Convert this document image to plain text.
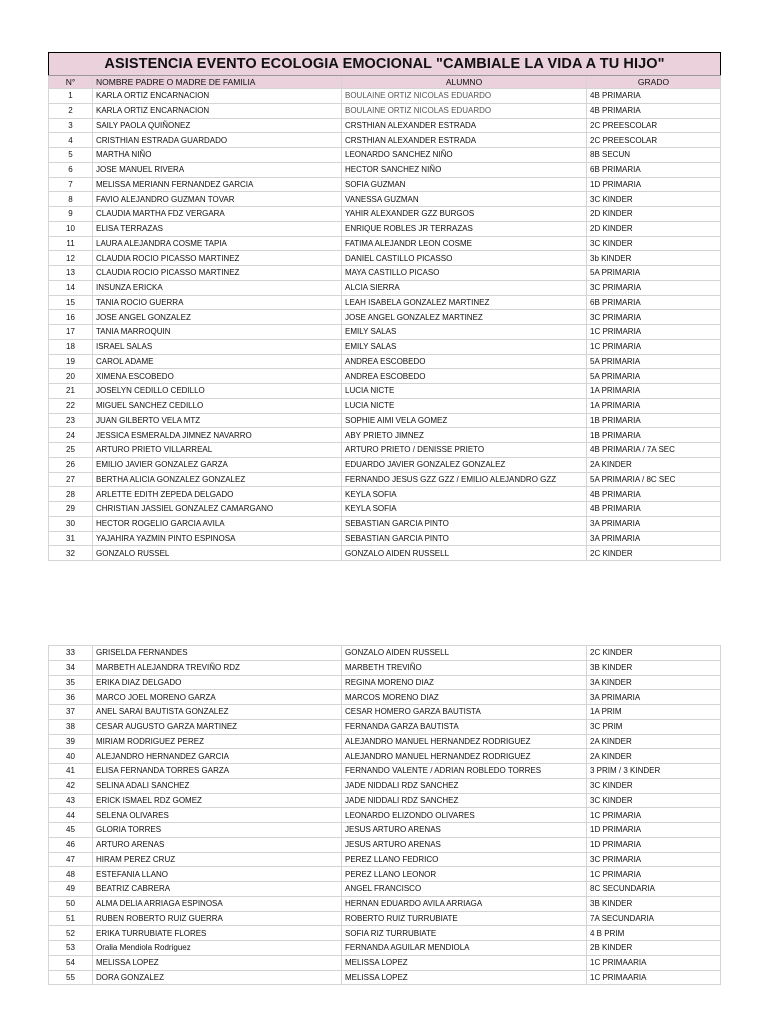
ASISTENCIA EVENTO ECOLOGIA EMOCIONAL "CAMBIALE LA VIDA A TU HIJO"			
N°	NOMBRE PADRE O MADRE DE FAMILIA	ALUMNO	GRADO
1	KARLA ORTIZ ENCARNACION	BOULAINE ORTIZ NICOLAS EDUARDO	4B PRIMARIA
2	KARLA ORTIZ ENCARNACION	BOULAINE ORTIZ NICOLAS EDUARDO	4B PRIMARIA
3	SAILY PAOLA QUIÑONEZ	CRSTHIAN ALEXANDER ESTRADA	2C PREESCOLAR
4	CRISTHIAN ESTRADA GUARDADO	CRSTHIAN ALEXANDER ESTRADA	2C PREESCOLAR
5	MARTHA NIÑO	LEONARDO SANCHEZ NIÑO	8B SECUN
6	JOSE MANUEL RIVERA	HECTOR SANCHEZ NIÑO	6B PRIMARIA
7	MELISSA MERIANN FERNANDEZ GARCIA	SOFIA GUZMAN	1D PRIMARIA
8	FAVIO ALEJANDRO GUZMAN TOVAR	VANESSA GUZMAN	3C KINDER
9	CLAUDIA MARTHA FDZ VERGARA	YAHIR ALEXANDER GZZ BURGOS	2D KINDER
10	ELISA TERRAZAS	ENRIQUE ROBLES JR TERRAZAS	2D KINDER
11	LAURA ALEJANDRA COSME TAPIA	FATIMA ALEJANDR LEON COSME	3C KINDER
12	CLAUDIA ROCIO PICASSO MARTINEZ	DANIEL CASTILLO PICASSO	3b KINDER
13	CLAUDIA ROCIO PICASSO MARTINEZ	MAYA CASTILLO PICASO	5A PRIMARIA
14	INSUNZA ERICKA	ALCIA SIERRA	3C PRIMARIA
15	TANIA ROCIO GUERRA	LEAH ISABELA GONZALEZ MARTINEZ	6B PRIMARIA
16	JOSE ANGEL GONZALEZ	JOSE ANGEL GONZALEZ MARTINEZ	3C PRIMARIA
17	TANIA MARROQUIN	EMILY SALAS	1C PRIMARIA
18	ISRAEL SALAS	EMILY SALAS	1C PRIMARIA
19	CAROL ADAME	ANDREA ESCOBEDO	5A PRIMARIA
20	XIMENA ESCOBEDO	ANDREA ESCOBEDO	5A PRIMARIA
21	JOSELYN CEDILLO CEDILLO	LUCIA NICTE	1A PRIMARIA
22	MIGUEL SANCHEZ CEDILLO	LUCIA NICTE	1A PRIMARIA
23	JUAN GILBERTO VELA MTZ	SOPHIE AIMI VELA GOMEZ	1B PRIMARIA
24	JESSICA ESMERALDA JIMNEZ NAVARRO	ABY PRIETO JIMNEZ	1B PRIMARIA
25	ARTURO PRIETO VILLARREAL	ARTURO PRIETO / DENISSE PRIETO	4B PRIMARIA / 7A SEC
26	EMILIO JAVIER GONZALEZ GARZA	EDUARDO JAVIER GONZALEZ GONZALEZ	2A KINDER
27	BERTHA ALICIA GONZALEZ GONZALEZ	FERNANDO JESUS GZZ GZZ / EMILIO ALEJANDRO GZZ	5A PRIMARIA / 8C SEC
28	ARLETTE EDITH ZEPEDA DELGADO	KEYLA SOFIA	4B PRIMARIA
29	CHRISTIAN JASSIEL GONZALEZ CAMARGANO	KEYLA SOFIA	4B PRIMARIA
30	HECTOR ROGELIO GARCIA AVILA	SEBASTIAN GARCIA PINTO	3A PRIMARIA
31	YAJAHIRA YAZMIN PINTO ESPINOSA	SEBASTIAN GARCIA PINTO	3A PRIMARIA
32	GONZALO RUSSEL	GONZALO AIDEN RUSSELL	2C KINDER
33	GRISELDA FERNANDES	GONZALO AIDEN RUSSELL	2C KINDER
34	MARBETH ALEJANDRA TREVIÑO RDZ	MARBETH TREVIÑO	3B KINDER
35	ERIKA DIAZ DELGADO	REGINA MORENO DIAZ	3A KINDER
36	MARCO JOEL MORENO GARZA	MARCOS MORENO DIAZ	3A PRIMARIA
37	ANEL SARAI BAUTISTA GONZALEZ	CESAR HOMERO GARZA BAUTISTA	1A PRIM
38	CESAR AUGUSTO GARZA MARTINEZ	FERNANDA GARZA BAUTISTA	3C PRIM
39	MIRIAM RODRIGUEZ PEREZ	ALEJANDRO MANUEL HERNANDEZ RODRIGUEZ	2A KINDER
40	ALEJANDRO HERNANDEZ GARCIA	ALEJANDRO MANUEL HERNANDEZ RODRIGUEZ	2A KINDER
41	ELISA FERNANDA TORRES GARZA	FERNANDO VALENTE / ADRIAN ROBLEDO TORRES	3 PRIM / 3 KINDER
42	SELINA ADALI SANCHEZ	JADE NIDDALI RDZ SANCHEZ	3C KINDER
43	ERICK ISMAEL RDZ GOMEZ	JADE NIDDALI RDZ SANCHEZ	3C KINDER
44	SELENA OLIVARES	LEONARDO ELIZONDO OLIVARES	1C PRIMARIA
45	GLORIA TORRES	JESUS ARTURO ARENAS	1D PRIMARIA
46	ARTURO ARENAS	JESUS ARTURO ARENAS	1D PRIMARIA
47	HIRAM PEREZ CRUZ	PEREZ LLANO FEDRICO	3C PRIMARIA
48	ESTEFANIA LLANO	PEREZ LLANO LEONOR	1C PRIMARIA
49	BEATRIZ CABRERA	ANGEL FRANCISCO	8C SECUNDARIA
50	ALMA DELIA ARRIAGA ESPINOSA	HERNAN EDUARDO AVILA ARRIAGA	3B KINDER
51	RUBEN ROBERTO RUIZ GUERRA	ROBERTO RUIZ TURRUBIATE	7A SECUNDARIA
52	ERIKA TURRUBIATE FLORES	SOFIA RIZ TURRUBIATE	4 B PRIM
53	Oralia Mendiola Rodriguez	FERNANDA AGUILAR MENDIOLA	2B KINDER
54	MELISSA LOPEZ	MELISSA LOPEZ	1C PRIMAARIA
55	DORA GONZALEZ	MELISSA LOPEZ	1C PRIMAARIA
